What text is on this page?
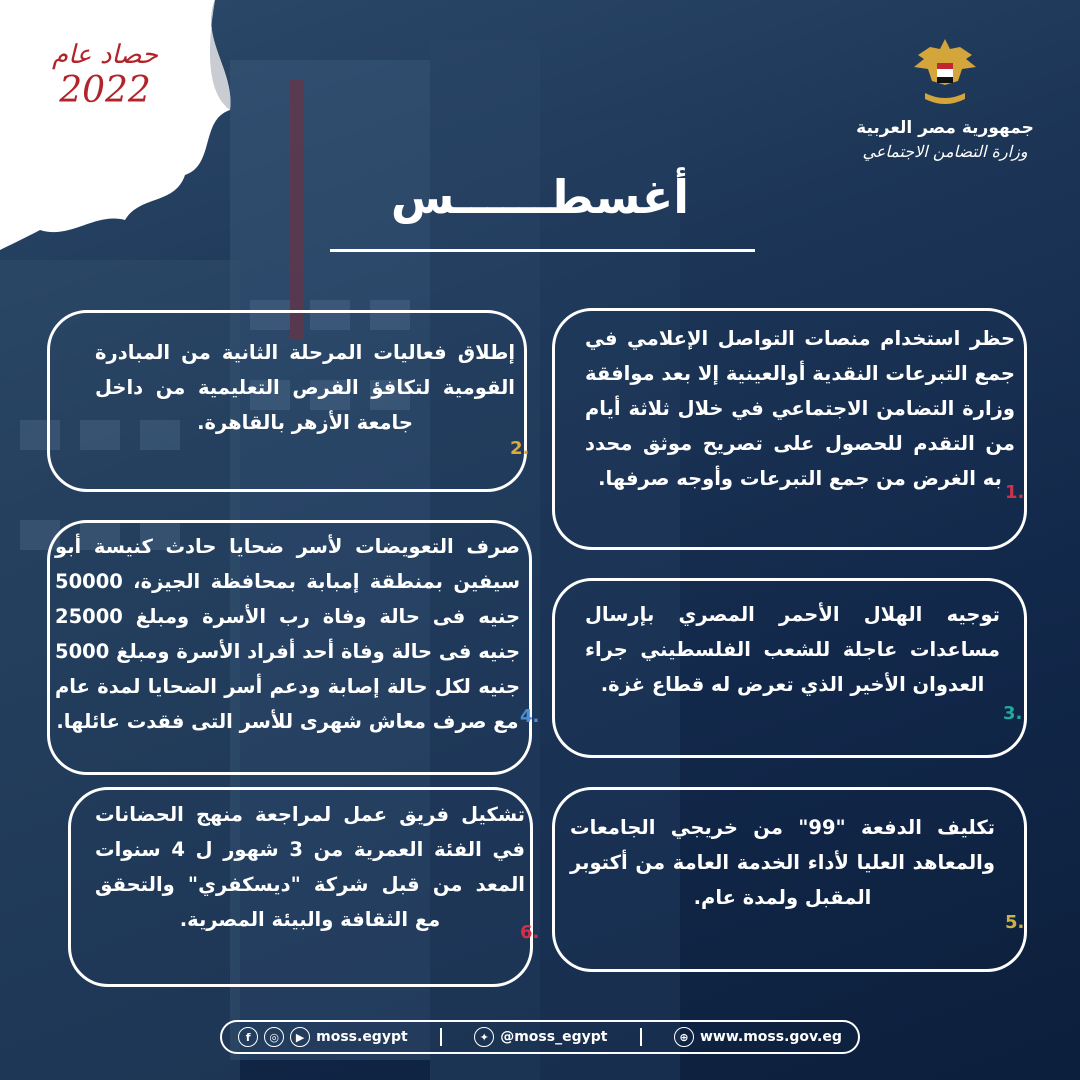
حصاد عام
2022
جمهورية مصر العربية
وزارة التضامن الاجتماعي
أغسطــــــس
حظر استخدام منصات التواصل الإعلامي في جمع التبرعات النقدية أوالعينية إلا بعد موافقة وزارة التضامن الاجتماعي في خلال ثلاثة أيام من التقدم للحصول على تصريح موثق محدد به الغرض من جمع التبرعات وأوجه صرفها.
1.
إطلاق فعاليات المرحلة الثانية من المبادرة القومية لتكافؤ الفرص التعليمية من داخل جامعة الأزهر بالقاهرة.
2.
توجيه الهلال الأحمر المصري بإرسال مساعدات عاجلة للشعب الفلسطيني جراء العدوان الأخير الذي تعرض له قطاع غزة.
3.
صرف التعويضات لأسر ضحايا حادث كنيسة أبو سيفين بمنطقة إمبابة بمحافظة الجيزة، 50000 جنيه فى حالة وفاة رب الأسرة ومبلغ 25000 جنيه فى حالة وفاة أحد أفراد الأسرة ومبلغ 5000 جنيه لكل حالة إصابة ودعم أسر الضحايا لمدة عام مع صرف معاش شهرى للأسر التى فقدت عائلها. 4.
تكليف الدفعة "99" من خريجي الجامعات والمعاهد العليا لأداء الخدمة العامة من أكتوبر المقبل ولمدة عام.
5.
تشكيل فريق عمل لمراجعة منهج الحضانات في الفئة العمرية من 3 شهور ل 4 سنوات المعد من قبل شركة "ديسكفري" والتحقق مع الثقافة والبيئة المصرية.
6.
f	◎	▶ moss.egypt	✦ @moss_egypt	⊕ www.moss.gov.eg
